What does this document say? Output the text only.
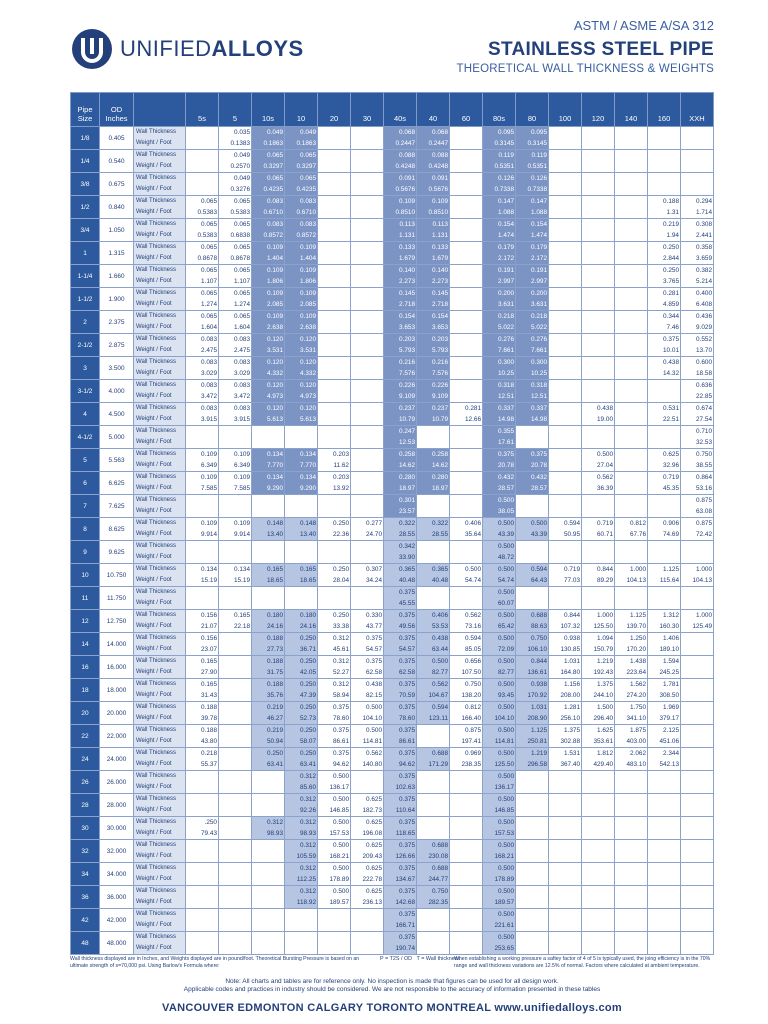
UNIFIEDALLOYS
ASTM / ASME A/SA 312
STAINLESS STEEL PIPE
THEORETICAL WALL THICKNESS & WEIGHTS
Pipe Size	OD Inches		5s	5	10s	10	20	30	40s	40	60	80s	80	100	120	140	160	XXH
1/8	0.405	Wall Thickness		0.035	0.049	0.049			0.068	0.068		0.095	0.095					
		Weight / Foot		0.1383	0.1863	0.1863			0.2447	0.2447		0.3145	0.3145					
1/4	0.540	Wall Thickness		0.049	0.065	0.065			0.088	0.088		0.119	0.119					
		Weight / Foot		0.2570	0.3297	0.3297			0.4248	0.4248		0.5351	0.5351					
3/8	0.675	Wall Thickness		0.049	0.065	0.065			0.091	0.091		0.126	0.126					
		Weight / Foot		0.3276	0.4235	0.4235			0.5676	0.5676		0.7338	0.7338					
1/2	0.840	Wall Thickness	0.065	0.065	0.083	0.083			0.109	0.109		0.147	0.147				0.188	0.294
		Weight / Foot	0.5383	0.5383	0.6710	0.6710			0.8510	0.8510		1.088	1.088				1.31	1.714
3/4	1.050	Wall Thickness	0.065	0.065	0.083	0.083			0.113	0.113		0.154	0.154				0.219	0.308
		Weight / Foot	0.5383	0.6838	0.8572	0.8572			1.131	1.131		1.474	1.474				1.94	2.441
1	1.315	Wall Thickness	0.065	0.065	0.109	0.109			0.133	0.133		0.179	0.179				0.250	0.358
		Weight / Foot	0.8678	0.8678	1.404	1.404			1.679	1.679		2.172	2.172				2.844	3.659
1-1/4	1.660	Wall Thickness	0.065	0.065	0.109	0.109			0.140	0.140		0.191	0.191				0.250	0.382
		Weight / Foot	1.107	1.107	1.806	1.806			2.273	2.273		2.997	2.997				3.765	5.214
1-1/2	1.900	Wall Thickness	0.065	0.065	0.109	0.109			0.145	0.145		0.200	0.200				0.281	0.400
		Weight / Foot	1.274	1.274	2.085	2.085			2.718	2.718		3.631	3.631				4.859	6.408
2	2.375	Wall Thickness	0.065	0.065	0.109	0.109			0.154	0.154		0.218	0.218				0.344	0.436
		Weight / Foot	1.604	1.604	2.638	2.638			3.653	3.653		5.022	5.022				7.46	9.029
2-1/2	2.875	Wall Thickness	0.083	0.083	0.120	0.120			0.203	0.203		0.276	0.276				0.375	0.552
		Weight / Foot	2.475	2.475	3.531	3.531			5.793	5.793		7.661	7.661				10.01	13.70
3	3.500	Wall Thickness	0.083	0.083	0.120	0.120			0.216	0.216		0.300	0.300				0.438	0.600
		Weight / Foot	3.029	3.029	4.332	4.332			7.576	7.576		10.25	10.25				14.32	18.58
3-1/2	4.000	Wall Thickness	0.083	0.083	0.120	0.120			0.226	0.226		0.318	0.318					0.636
		Weight / Foot	3.472	3.472	4.973	4.973			9.109	9.109		12.51	12.51					22.85
4	4.500	Wall Thickness	0.083	0.083	0.120	0.120			0.237	0.237	0.281	0.337	0.337		0.438		0.531	0.674
		Weight / Foot	3.915	3.915	5.613	5.613			10.79	10.79	12.66	14.98	14.98		19.00		22.51	27.54
4-1/2	5.000	Wall Thickness							0.247			0.355						0.710
		Weight / Foot							12.53			17.61						32.53
5	5.563	Wall Thickness	0.109	0.109	0.134	0.134	0.203		0.258	0.258		0.375	0.375		0.500		0.625	0.750
		Weight / Foot	6.349	6.349	7.770	7.770	11.62		14.62	14.62		20.78	20.78		27.04		32.96	38.55
6	6.625	Wall Thickness	0.109	0.109	0.134	0.134	0.203		0.280	0.280		0.432	0.432		0.562		0.719	0.864
		Weight / Foot	7.585	7.585	9.290	9.290	13.92		18.97	18.97		28.57	28.57		36.39		45.35	53.16
7	7.625	Wall Thickness							0.301			0.500						0.875
		Weight / Foot							23.57			38.05						63.08
8	8.625	Wall Thickness	0.109	0.109	0.148	0.148	0.250	0.277	0.322	0.322	0.406	0.500	0.500	0.594	0.719	0.812	0.906	0.875
		Weight / Foot	9.914	9.914	13.40	13.40	22.36	24.70	28.55	28.55	35.64	43.39	43.39	50.95	60.71	67.76	74.69	72.42
9	9.625	Wall Thickness							0.342			0.500						
		Weight / Foot							33.90			48.72						
10	10.750	Wall Thickness	0.134	0.134	0.165	0.165	0.250	0.307	0.365	0.365	0.500	0.500	0.594	0.719	0.844	1.000	1.125	1.000
		Weight / Foot	15.19	15.19	18.65	18.65	28.04	34.24	40.48	40.48	54.74	54.74	64.43	77.03	89.29	104.13	115.64	104.13
11	11.750	Wall Thickness							0.375			0.500						
		Weight / Foot							45.55			60.07						
12	12.750	Wall Thickness	0.156	0.165	0.180	0.180	0.250	0.330	0.375	0.406	0.562	0.500	0.688	0.844	1.000	1.125	1.312	1.000
		Weight / Foot	21.07	22.18	24.16	24.16	33.38	43.77	49.56	53.53	73.16	65.42	88.63	107.32	125.50	139.70	160.30	125.49
14	14.000	Wall Thickness	0.156		0.188	0.250	0.312	0.375	0.375	0.438	0.594	0.500	0.750	0.938	1.094	1.250	1.406	
		Weight / Foot	23.07		27.73	36.71	45.61	54.57	54.57	63.44	85.05	72.09	106.10	130.85	150.79	170.20	189.10	
16	16.000	Wall Thickness	0.165		0.188	0.250	0.312	0.375	0.375	0.500	0.656	0.500	0.844	1.031	1.219	1.438	1.594	
		Weight / Foot	27.90		31.75	42.05	52.27	62.58	62.58	82.77	107.50	82.77	136.61	164.80	192.43	223.64	245.25	
18	18.000	Wall Thickness	0.165		0.188	0.250	0.312	0.438	0.375	0.562	0.750	0.500	0.938	1.156	1.375	1.562	1.781	
		Weight / Foot	31.43		35.76	47.39	58.94	82.15	70.59	104.67	138.20	93.45	170.92	208.00	244.10	274.20	308.50	
20	20.000	Wall Thickness	0.188		0.219	0.250	0.375	0.500	0.375	0.594	0.812	0.500	1.031	1.281	1.500	1.750	1.969	
		Weight / Foot	39.78		46.27	52.73	78.60	104.10	78.60	123.11	166.40	104.10	208.90	256.10	296.40	341.10	379.17	
22	22.000	Wall Thickness	0.188		0.219	0.250	0.375	0.500	0.375		0.875	0.500	1.125	1.375	1.625	1.875	2.125	
		Weight / Foot	43.80		50.94	58.07	86.61	114.81	86.61		197.41	114.81	250.81	302.88	353.61	403.00	451.06	
24	24.000	Wall Thickness	0.218		0.250	0.250	0.375	0.562	0.375	0.688	0.969	0.500	1.219	1.531	1.812	2.062	2.344	
		Weight / Foot	55.37		63.41	63.41	94.62	140.80	94.62	171.29	238.35	125.50	296.58	367.40	429.40	483.10	542.13	
26	26.000	Wall Thickness				0.312	0.500		0.375			0.500						
		Weight / Foot				85.60	136.17		102.63			136.17						
28	28.000	Wall Thickness				0.312	0.500	0.625	0.375			0.500						
		Weight / Foot				92.26	146.85	182.73	110.64			146.85						
30	30.000	Wall Thickness	.250		0.312	0.312	0.500	0.625	0.375			0.500						
		Weight / Foot	79.43		98.93	98.93	157.53	196.08	118.65			157.53						
32	32.000	Wall Thickness				0.312	0.500	0.625	0.375	0.688		0.500						
		Weight / Foot				105.59	168.21	209.43	126.66	230.08		168.21						
34	34.000	Wall Thickness				0.312	0.500	0.625	0.375	0.688		0.500						
		Weight / Foot				112.25	178.89	222.78	134.67	244.77		178.89						
36	36.000	Wall Thickness				0.312	0.500	0.625	0.375	0.750		0.500						
		Weight / Foot				118.92	189.57	236.13	142.68	282.35		189.57						
42	42.000	Wall Thickness							0.375			0.500						
		Weight / Foot							166.71			221.61						
48	48.000	Wall Thickness							0.375			0.500						
		Weight / Foot							190.74			253.65						
Wall thickness displayed are in Inches, and Weights displayed are in pound/foot. Theoretical Bursting Pressure is based on an ultimate strength of s=70,000 psi. Using Barlow's Formula where:
P = T2S / OD T = Wall thickness
When establishing a working pressure a saftey factor of 4 of 5 is typically used, the joing efficiency is in the 70% range and wall thickness variations are 12.5% of normal. Factors where calculated at ambient temperature.
Note: All charts and tables are for reference only. No inspection is made that figures can be used for all design work.
Applicable codes and practices in industry should be considered. We are not responsible to the accuracy of information presented in these tables
VANCOUVER EDMONTON CALGARY TORONTO MONTREAL www.unifiedalloys.com
